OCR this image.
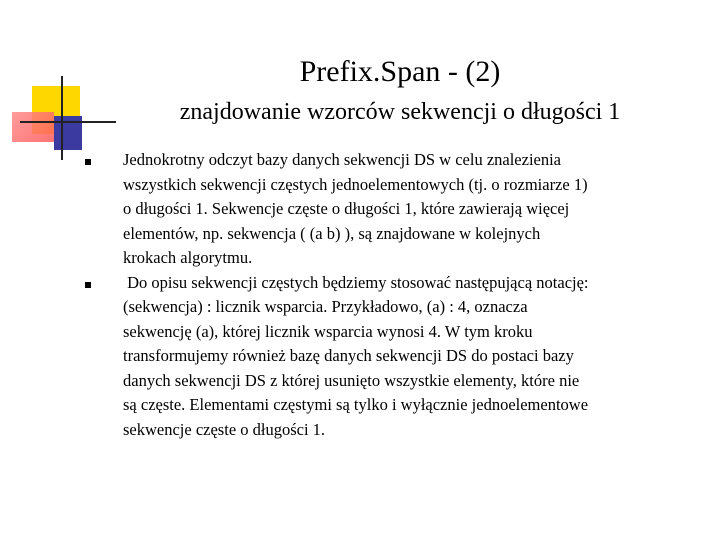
Prefix.Span - (2)
znajdowanie wzorców sekwencji o długości 1
Jednokrotny odczyt bazy danych sekwencji DS w celu znalezienia
wszystkich sekwencji częstych jednoelementowych (tj. o rozmiarze 1)
o długości 1. Sekwencje częste o długości 1, które zawierają więcej
elementów, np. sekwencja ( (a b) ), są znajdowane w kolejnych
krokach algorytmu.
Do opisu sekwencji częstych będziemy stosować następującą notację:
(sekwencja) : licznik wsparcia. Przykładowo, (a) : 4, oznacza
sekwencję (a), której licznik wsparcia wynosi 4. W tym kroku
transformujemy również bazę danych sekwencji DS do postaci bazy
danych sekwencji DS z której usunięto wszystkie elementy, które nie
są częste. Elementami częstymi są tylko i wyłącznie jednoelementowe
sekwencje częste o długości 1.
